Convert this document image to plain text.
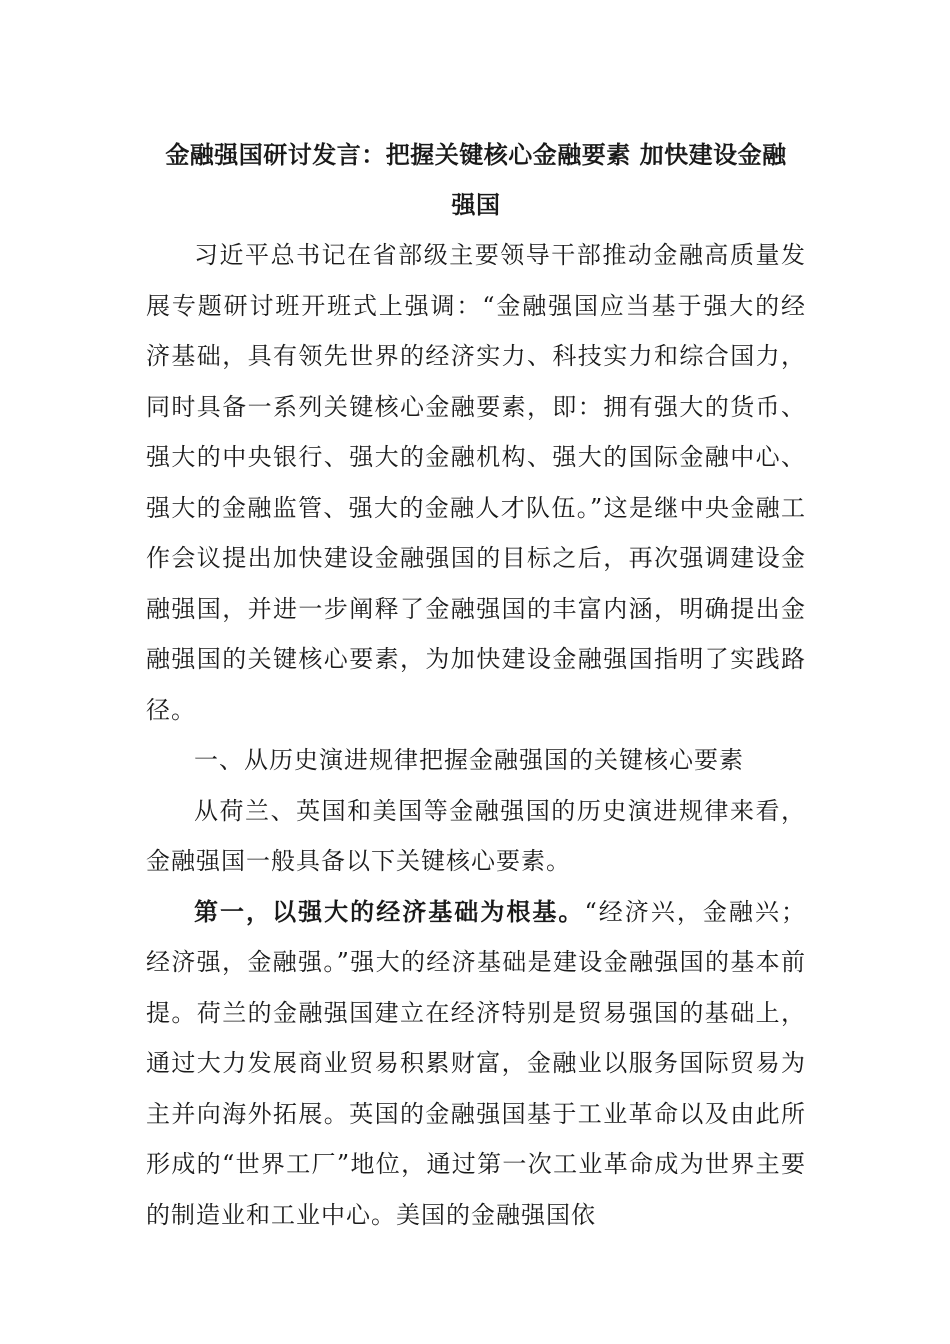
金融强国研讨发言：把握关键核心金融要素 加快建设金融
强国

习近平总书记在省部级主要领导干部推动金融高质量发展专题研讨班开班式上强调：“金融强国应当基于强大的经济基础，具有领先世界的经济实力、科技实力和综合国力，同时具备一系列关键核心金融要素，即：拥有强大的货币、强大的中央银行、强大的金融机构、强大的国际金融中心、强大的金融监管、强大的金融人才队伍。”这是继中央金融工作会议提出加快建设金融强国的目标之后，再次强调建设金融强国，并进一步阐释了金融强国的丰富内涵，明确提出金融强国的关键核心要素，为加快建设金融强国指明了实践路径。

一、从历史演进规律把握金融强国的关键核心要素

从荷兰、英国和美国等金融强国的历史演进规律来看，金融强国一般具备以下关键核心要素。

第一，以强大的经济基础为根基。“经济兴，金融兴；经济强，金融强。”强大的经济基础是建设金融强国的基本前提。荷兰的金融强国建立在经济特别是贸易强国的基础上，通过大力发展商业贸易积累财富，金融业以服务国际贸易为主并向海外拓展。英国的金融强国基于工业革命以及由此所形成的“世界工厂”地位，通过第一次工业革命成为世界主要的制造业和工业中心。美国的金融强国依
